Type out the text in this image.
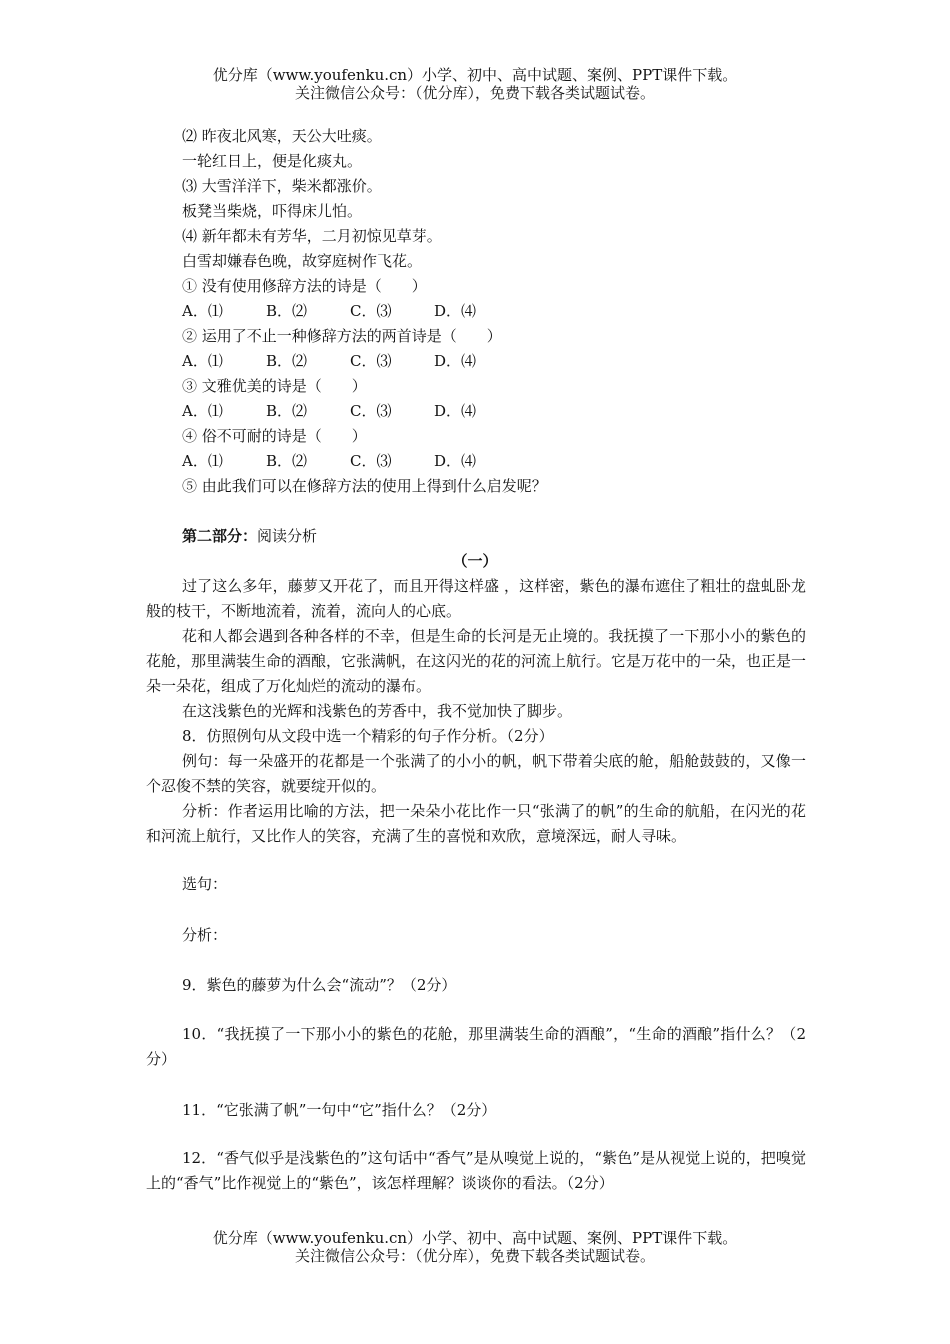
优分库（www.youfenku.cn）小学、初中、高中试题、案例、PPT课件下载。
关注微信公众号：（优分库），免费下载各类试题试卷。
⑵ 昨夜北风寒，天公大吐痰。
一轮红日上，便是化痰丸。
⑶ 大雪洋洋下，柴米都涨价。
板凳当柴烧，吓得床儿怕。
⑷ 新年都未有芳华，二月初惊见草芽。
白雪却嫌春色晚，故穿庭树作飞花。
① 没有使用修辞方法的诗是（　　）
A．⑴	B．⑵	C．⑶	D．⑷
② 运用了不止一种修辞方法的两首诗是（　　）
A．⑴	B．⑵	C．⑶	D．⑷
③ 文雅优美的诗是（　　）
A．⑴	B．⑵	C．⑶	D．⑷
④ 俗不可耐的诗是（　　）
A．⑴	B．⑵	C．⑶	D．⑷
⑤ 由此我们可以在修辞方法的使用上得到什么启发呢？
第二部分：阅读分析
（一）
过了这么多年，藤萝又开花了，而且开得这样盛 ，这样密，紫色的瀑布遮住了粗壮的盘虬卧龙般的枝干，不断地流着，流着，流向人的心底。
花和人都会遇到各种各样的不幸，但是生命的长河是无止境的。我抚摸了一下那小小的紫色的花舱，那里满装生命的酒酿，它张满帆，在这闪光的花的河流上航行。它是万花中的一朵，也正是一朵一朵花，组成了万化灿烂的流动的瀑布。
在这浅紫色的光辉和浅紫色的芳香中，我不觉加快了脚步。
8．仿照例句从文段中选一个精彩的句子作分析。（2分）
例句：每一朵盛开的花都是一个张满了的小小的帆，帆下带着尖底的舱，船舱鼓鼓的，又像一个忍俊不禁的笑容，就要绽开似的。
分析：作者运用比喻的方法，把一朵朵小花比作一只“张满了的帆”的生命的航船，在闪光的花和河流上航行，又比作人的笑容，充满了生的喜悦和欢欣，意境深远，耐人寻味。
选句：
分析：
9．紫色的藤萝为什么会“流动”？（2分）
10．“我抚摸了一下那小小的紫色的花舱，那里满装生命的酒酿”，“生命的酒酿”指什么？（2分）
11．“它张满了帆”一句中“它”指什么？（2分）
12．“香气似乎是浅紫色的”这句话中“香气”是从嗅觉上说的，“紫色”是从视觉上说的，把嗅觉上的“香气”比作视觉上的“紫色”，该怎样理解？谈谈你的看法。（2分）
优分库（www.youfenku.cn）小学、初中、高中试题、案例、PPT课件下载。
关注微信公众号：（优分库），免费下载各类试题试卷。
